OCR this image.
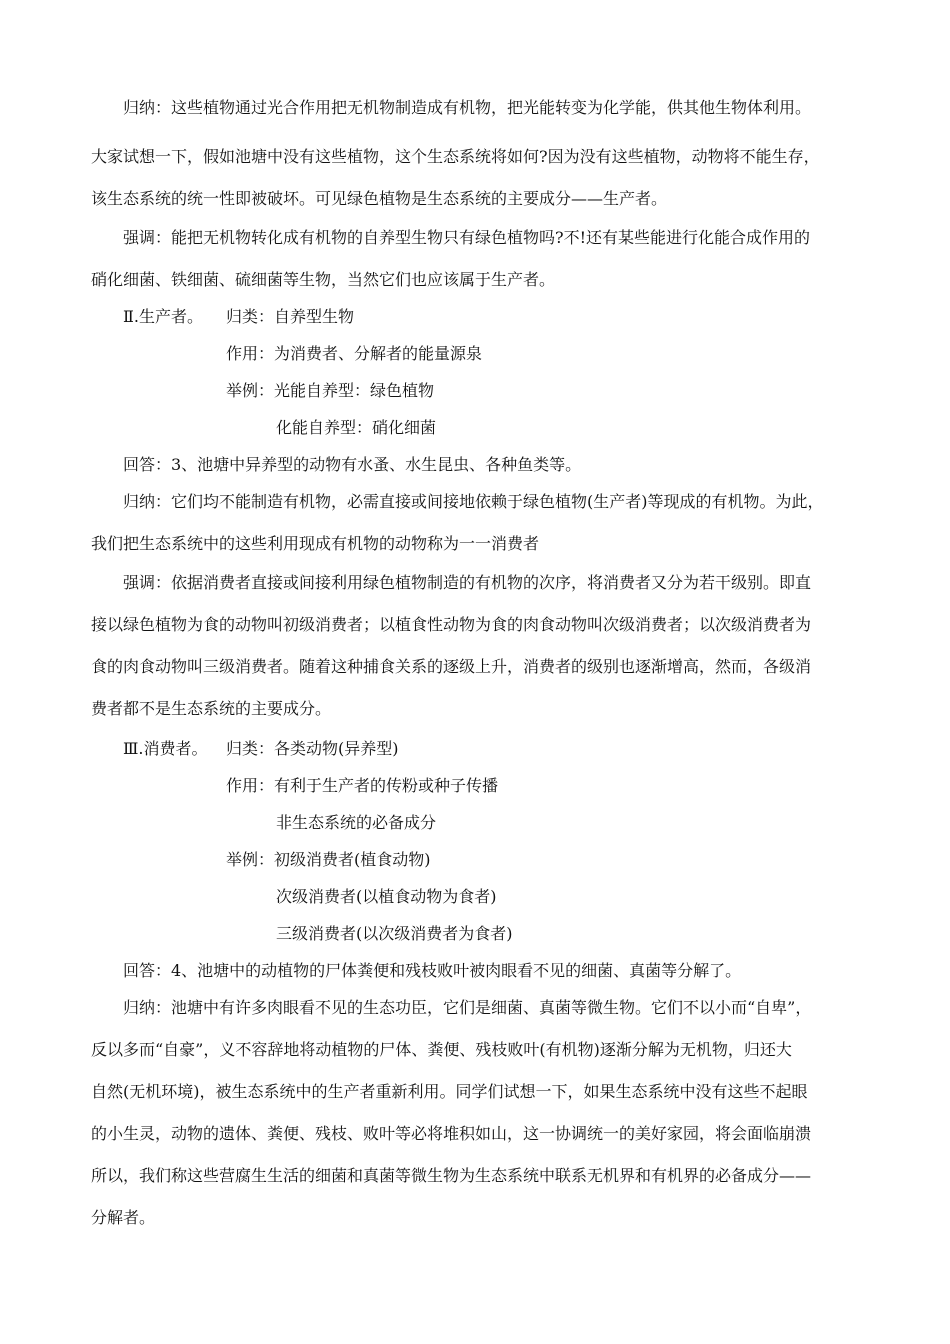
归纳：这些植物通过光合作用把无机物制造成有机物，把光能转变为化学能，供其他生物体利用。
大家试想一下，假如池塘中没有这些植物，这个生态系统将如何?因为没有这些植物，动物将不能生存，
该生态系统的统一性即被破坏。可见绿色植物是生态系统的主要成分——生产者。
强调：能把无机物转化成有机物的自养型生物只有绿色植物吗?不!还有某些能进行化能合成作用的
硝化细菌、铁细菌、硫细菌等生物，当然它们也应该属于生产者。
Ⅱ.生产者。 归类：自养型生物
作用：为消费者、分解者的能量源泉
举例：光能自养型：绿色植物
化能自养型：硝化细菌
回答：3、池塘中异养型的动物有水蚤、水生昆虫、各种鱼类等。
归纳：它们均不能制造有机物，必需直接或间接地依赖于绿色植物(生产者)等现成的有机物。为此，
我们把生态系统中的这些利用现成有机物的动物称为一一消费者
强调：依据消费者直接或间接利用绿色植物制造的有机物的次序，将消费者又分为若干级别。即直
接以绿色植物为食的动物叫初级消费者；以植食性动物为食的肉食动物叫次级消费者；以次级消费者为
食的肉食动物叫三级消费者。随着这种捕食关系的逐级上升，消费者的级别也逐渐增高，然而，各级消
费者都不是生态系统的主要成分。
Ⅲ.消费者。 归类：各类动物(异养型)
作用：有利于生产者的传粉或种子传播
非生态系统的必备成分
举例：初级消费者(植食动物)
次级消费者(以植食动物为食者)
三级消费者(以次级消费者为食者)
回答：4、池塘中的动植物的尸体粪便和残枝败叶被肉眼看不见的细菌、真菌等分解了。
归纳：池塘中有许多肉眼看不见的生态功臣，它们是细菌、真菌等微生物。它们不以小而“自卑”，
反以多而“自豪”，义不容辞地将动植物的尸体、粪便、残枝败叶(有机物)逐渐分解为无机物，归还大
自然(无机环境)，被生态系统中的生产者重新利用。同学们试想一下，如果生态系统中没有这些不起眼
的小生灵，动物的遗体、粪便、残枝、败叶等必将堆积如山，这一协调统一的美好家园，将会面临崩溃
所以，我们称这些营腐生生活的细菌和真菌等微生物为生态系统中联系无机界和有机界的必备成分——
分解者。
